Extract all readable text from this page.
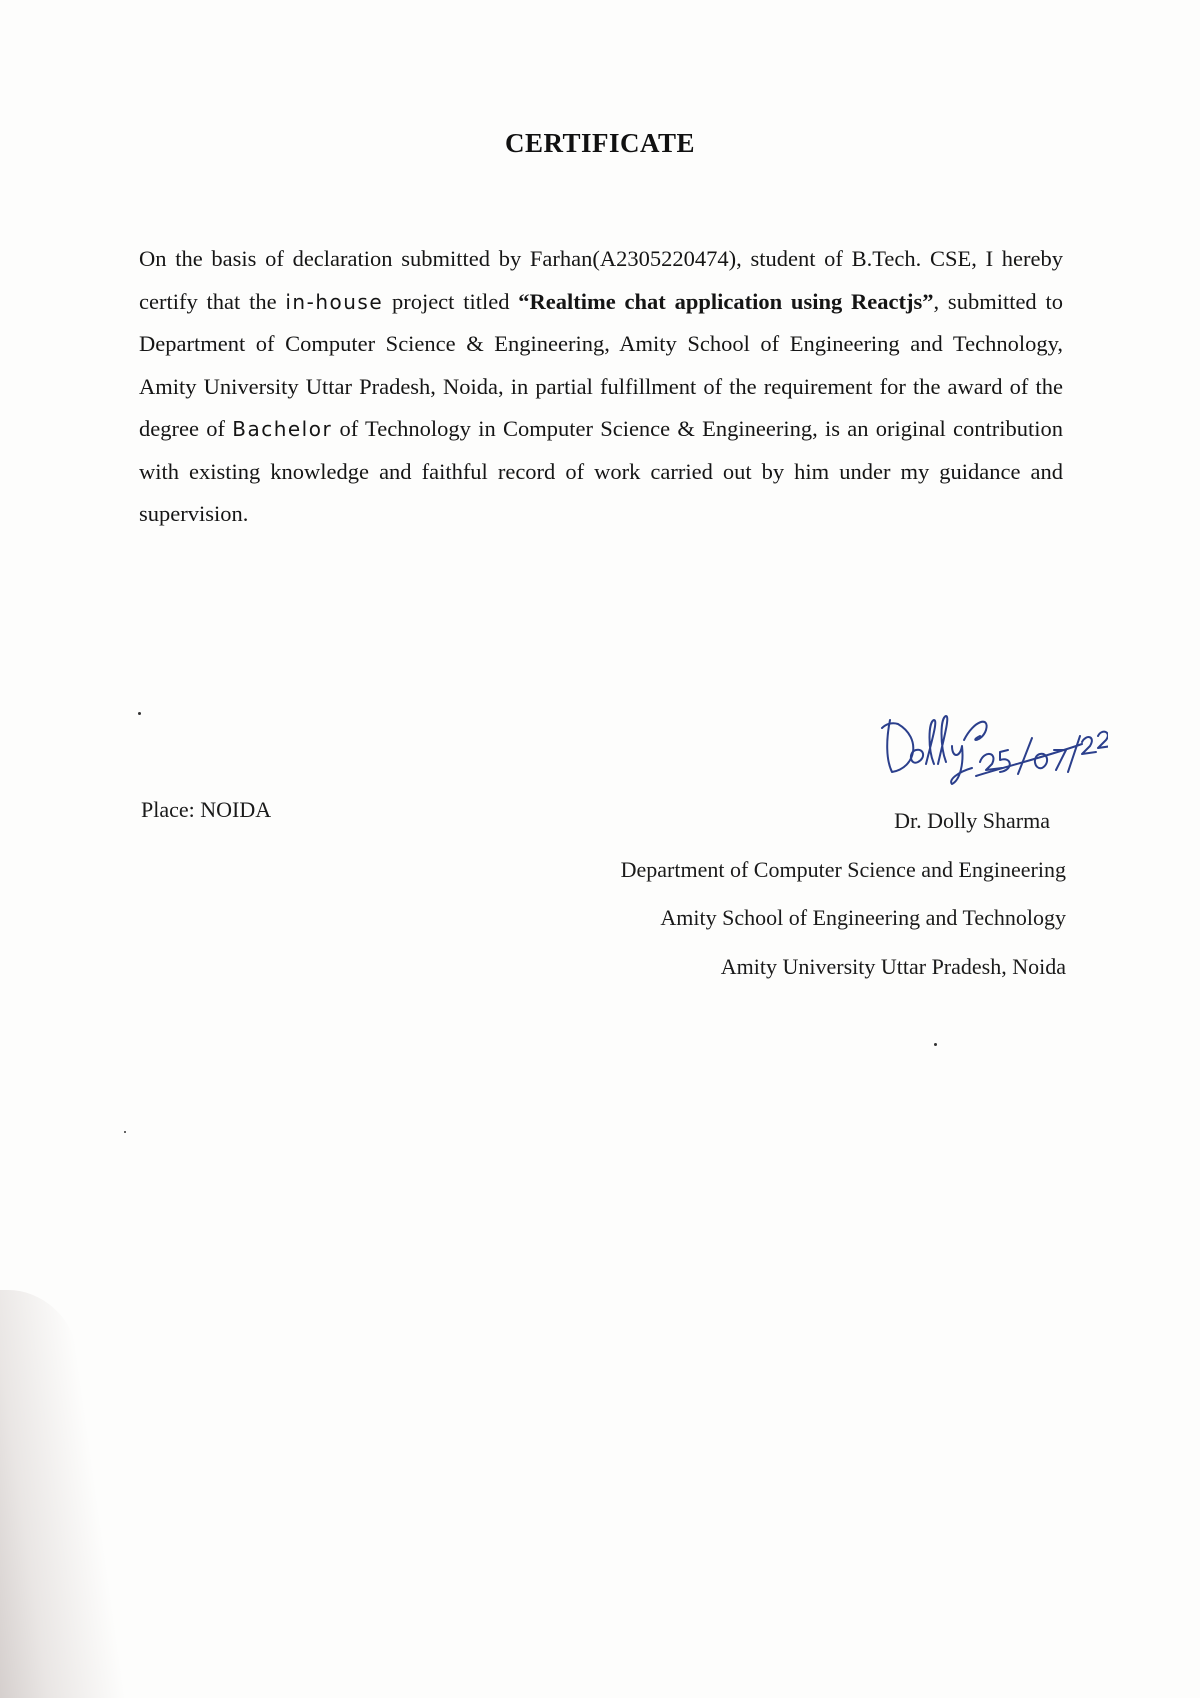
CERTIFICATE

On the basis of declaration submitted by Farhan(A2305220474), student of B.Tech. CSE, I hereby certify that the in-house project titled “Realtime chat application using Reactjs”, submitted to Department of Computer Science & Engineering, Amity School of Engineering and Technology, Amity University Uttar Pradesh, Noida, in partial fulfillment of the requirement for the award of the degree of Bachelor of Technology in Computer Science & Engineering, is an original contribution with existing knowledge and faithful record of work carried out by him under my guidance and supervision.

Place: NOIDA	Dr. Dolly Sharma
Department of Computer Science and Engineering
Amity School of Engineering and Technology
Amity University Uttar Pradesh, Noida
